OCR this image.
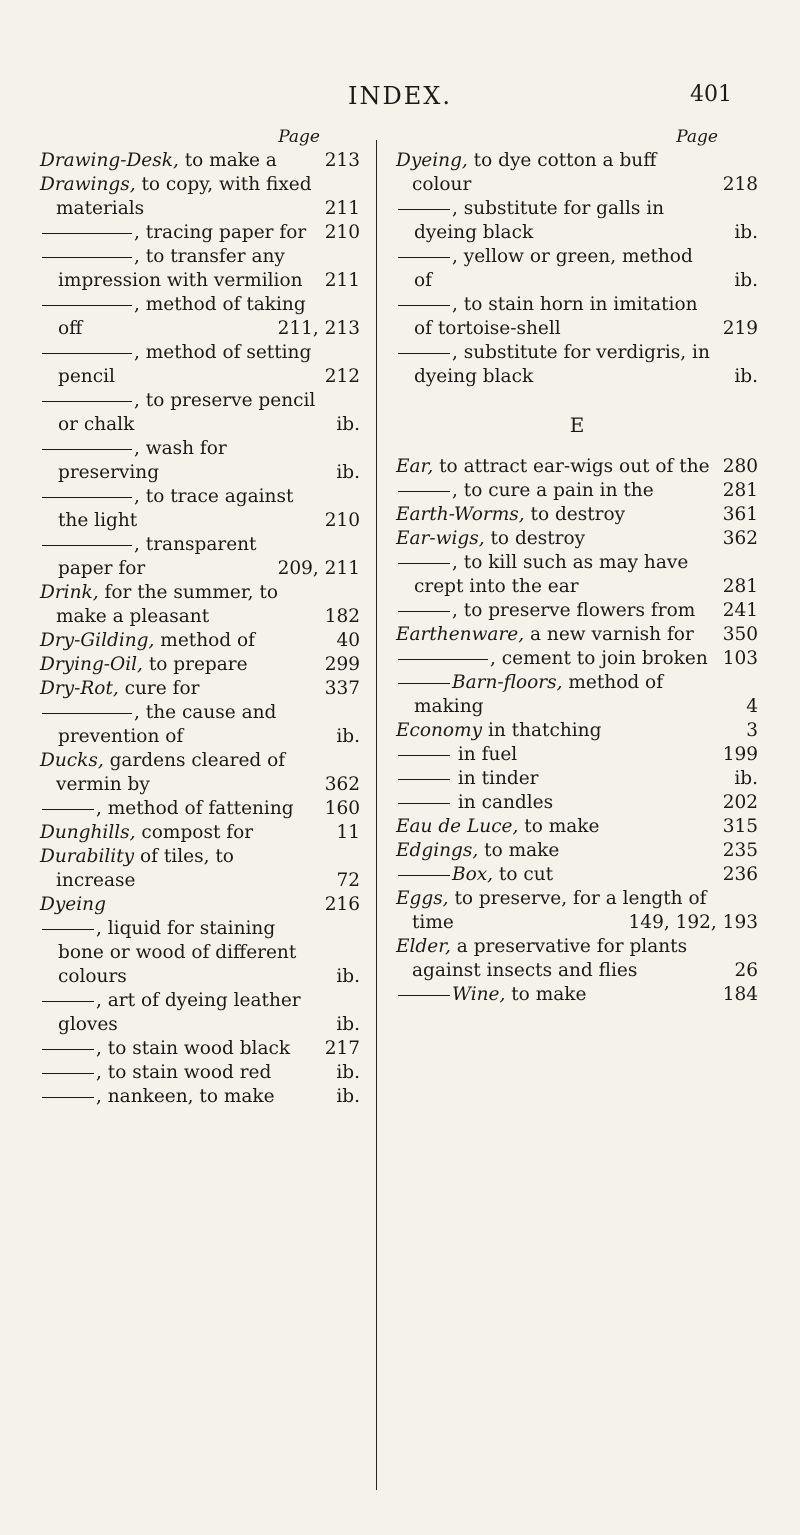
INDEX.	401
Page
Drawing-Desk, to make a	213
Drawings, to copy, with fixed materials	211
, tracing paper for 210
, to transfer any impression with vermilion 211
, method of taking off	211, 213
, method of setting pencil	212
, to preserve pencil or chalk	ib.
, wash for preserving	ib.
, to trace against the light	210
, transparent paper for	209, 211
Drink, for the summer, to make a pleasant	182
Dry-Gilding, method of	40
Drying-Oil, to prepare	299
Dry-Rot, cure for	337
, the cause and prevention of	ib.
Ducks, gardens cleared of vermin by	362
, method of fattening 160
Dunghills, compost for	11
Durability of tiles, to increase	72
Dyeing	216
, liquid for staining bone or wood of different colours	ib.
, art of dyeing leather gloves	ib.
, to stain wood black 217
, to stain wood red	ib.
, nankeen, to make	ib.
Page
Dyeing, to dye cotton a buff colour	218
, substitute for galls in dyeing black	ib.
, yellow or green, method of	ib.
, to stain horn in imitation of tortoise-shell	219
, substitute for verdigris, in dyeing black	ib.
E
Ear, to attract ear-wigs out of the 280
, to cure a pain in the	281
Earth-Worms, to destroy	361
Ear-wigs, to destroy	362
, to kill such as may have crept into the ear	281
, to preserve flowers from 241
Earthenware, a new varnish for 350
, cement to join broken 103
Barn-floors, method of making	4
Economy in thatching	3
in fuel	199
in tinder	ib.
in candles	202
Eau de Luce, to make	315
Edgings, to make	235
Box, to cut	236
Eggs, to preserve, for a length of time	149, 192, 193
Elder, a preservative for plants against insects and flies	26
Wine, to make	184
